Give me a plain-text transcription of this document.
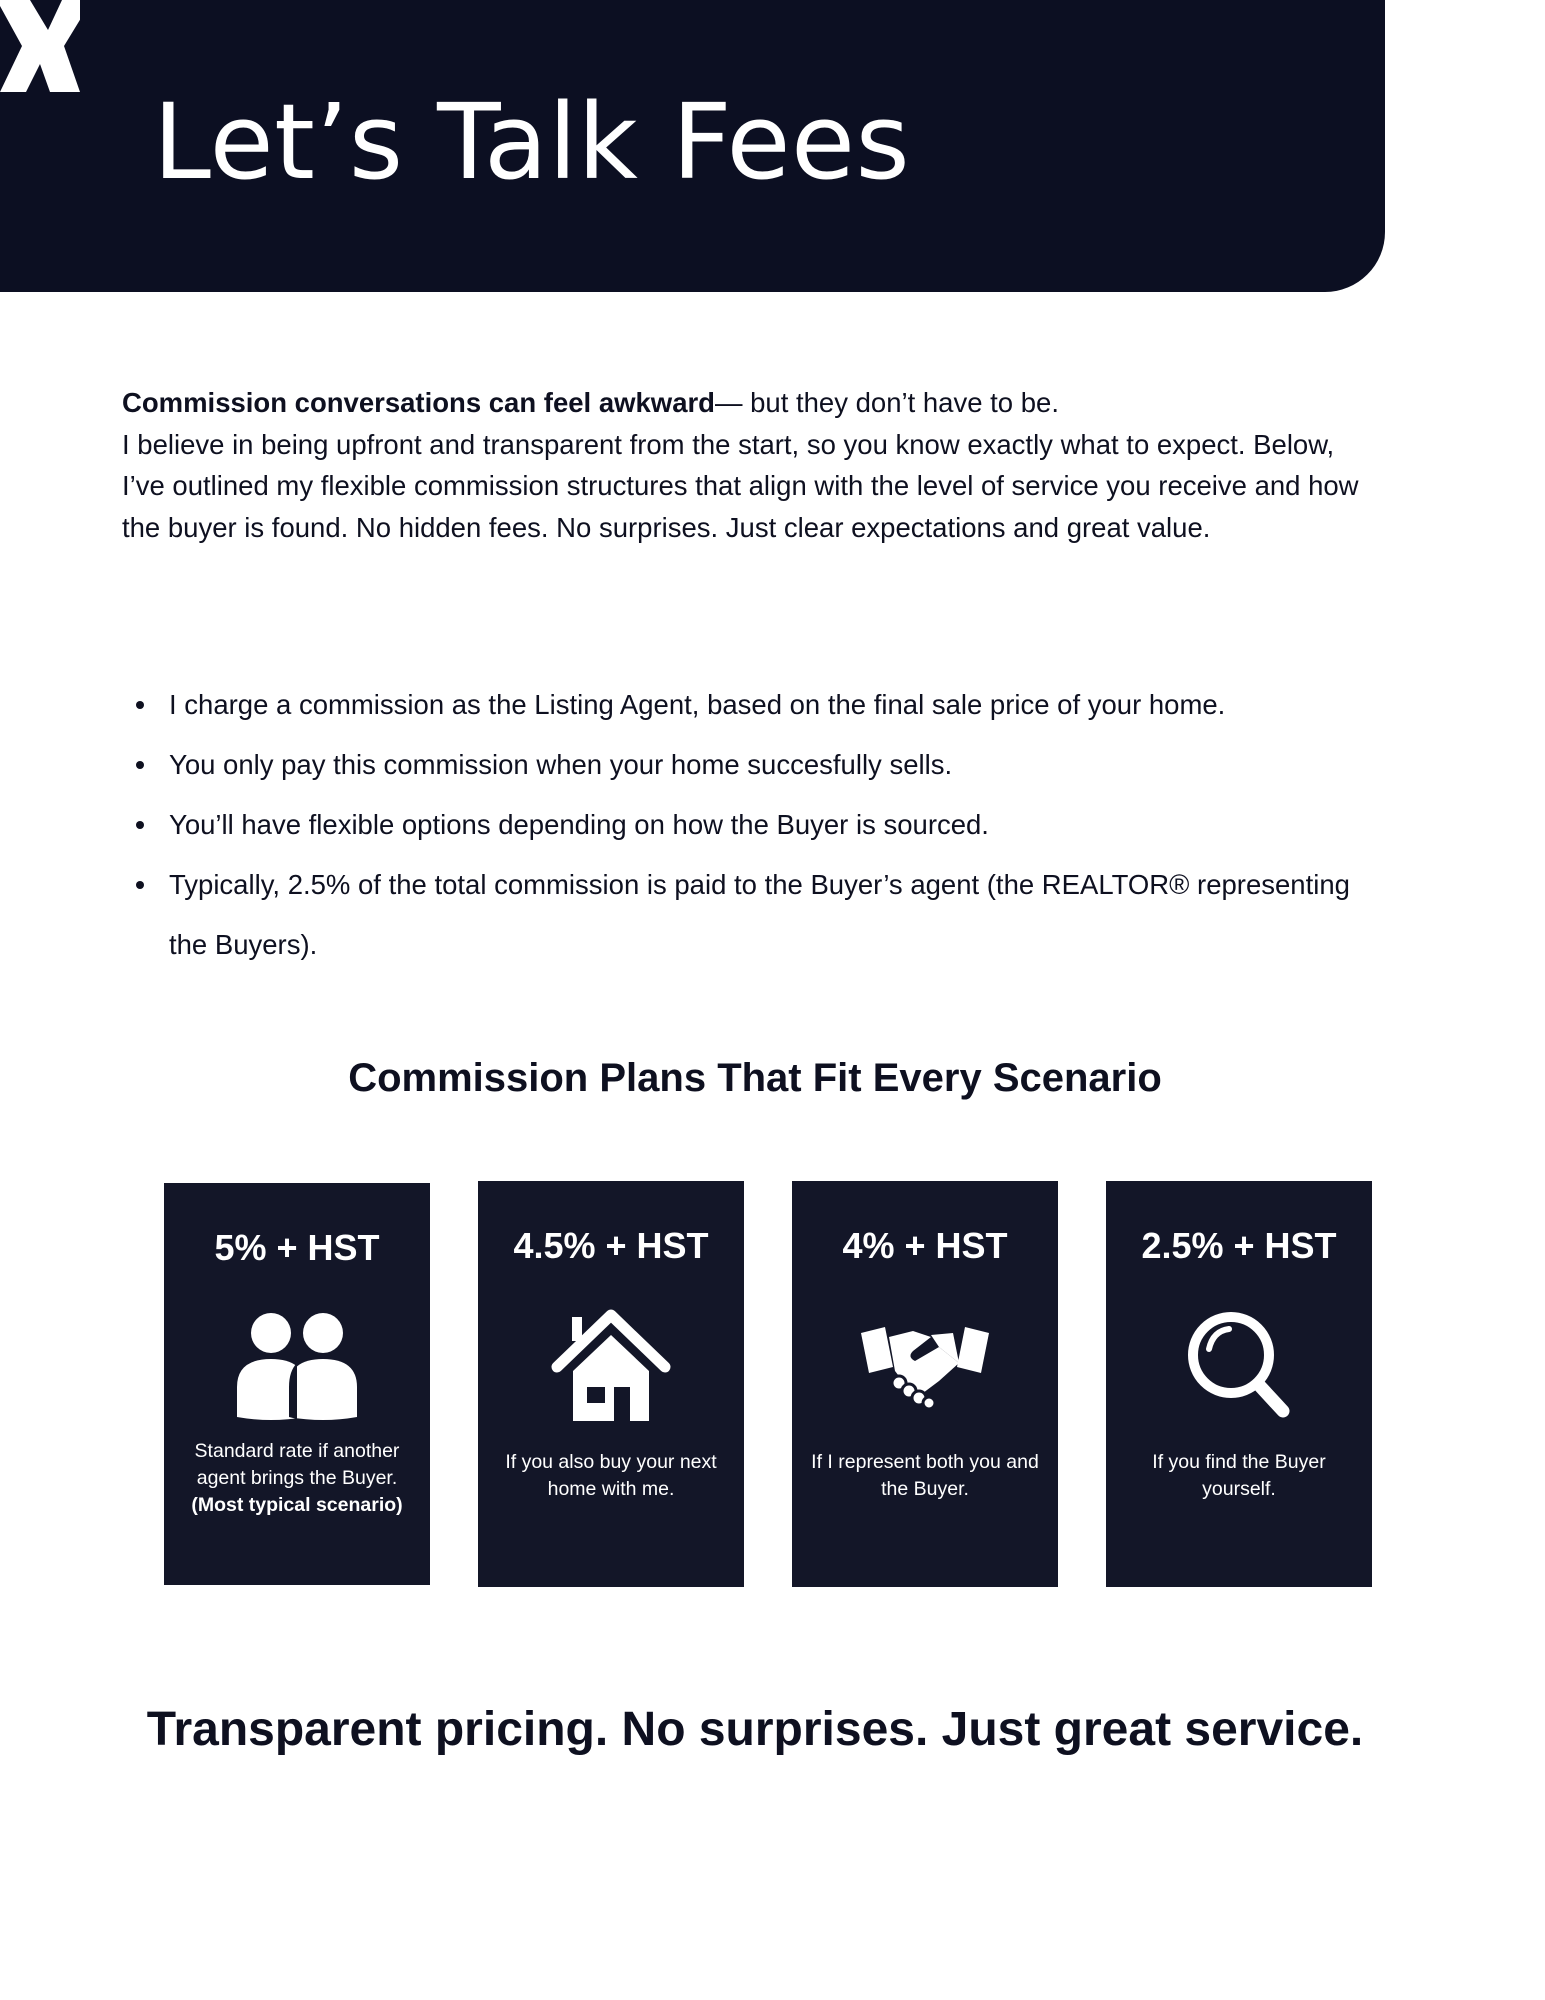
Let’s Talk Fees

Commission conversations can feel awkward— but they don’t have to be.
I believe in being upfront and transparent from the start, so you know exactly what to expect. Below, I’ve outlined my flexible commission structures that align with the level of service you receive and how the buyer is found. No hidden fees. No surprises. Just clear expectations and great value.

I charge a commission as the Listing Agent, based on the final sale price of your home.
You only pay this commission when your home succesfully sells.
You’ll have flexible options depending on how the Buyer is sourced.
Typically, 2.5% of the total commission is paid to the Buyer’s agent (the REALTOR® representing the Buyers).
Commission Plans That Fit Every Scenario
5% + HST
Standard rate if another agent brings the Buyer.
(Most typical scenario)
4.5% + HST
If you also buy your next home with me.
4% + HST
If I represent both you and the Buyer.
2.5% + HST
If you find the Buyer yourself.

Transparent pricing. No surprises. Just great service.
